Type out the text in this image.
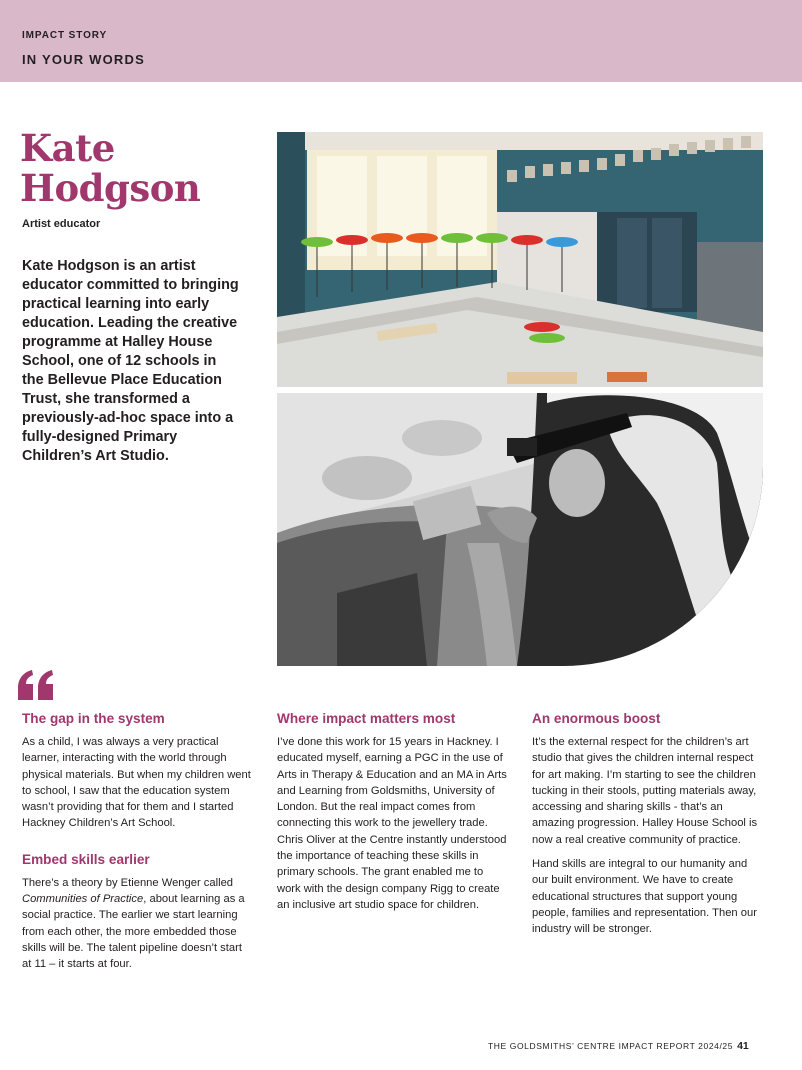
IMPACT STORY
IN YOUR WORDS
Kate
Hodgson
Artist educator
Kate Hodgson is an artist educator committed to bringing practical learning into early education. Leading the creative programme at Halley House School, one of 12 schools in the Bellevue Place Education Trust, she transformed a previously-ad-hoc space into a fully-designed Primary Children’s Art Studio.
The gap in the system

As a child, I was always a very practical learner, interacting with the world through physical materials. But when my children went to school, I saw that the education system wasn’t providing that for them and I started Hackney Children’s Art School.

Embed skills earlier

There’s a theory by Etienne Wenger called Communities of Practice, about learning as a social practice. The earlier we start learning from each other, the more embedded those skills will be. The talent pipeline doesn’t start at 11 – it starts at four.

Where impact matters most

I’ve done this work for 15 years in Hackney. I educated myself, earning a PGC in the use of Arts in Therapy & Education and an MA in Arts and Learning from Goldsmiths, University of London. But the real impact comes from connecting this work to the jewellery trade. Chris Oliver at the Centre instantly understood the importance of teaching these skills in primary schools. The grant enabled me to work with the design company Rigg to create an inclusive art studio space for children.

An enormous boost

It’s the external respect for the children’s art studio that gives the children internal respect for art making. I’m starting to see the children tucking in their stools, putting materials away, accessing and sharing skills - that’s an amazing progression. Halley House School is now a real creative community of practice.

Hand skills are integral to our humanity and our built environment. We have to create educational structures that support young people, families and representation. Then our industry will be stronger.

THE GOLDSMITHS’ CENTRE IMPACT REPORT 2024/25 41
